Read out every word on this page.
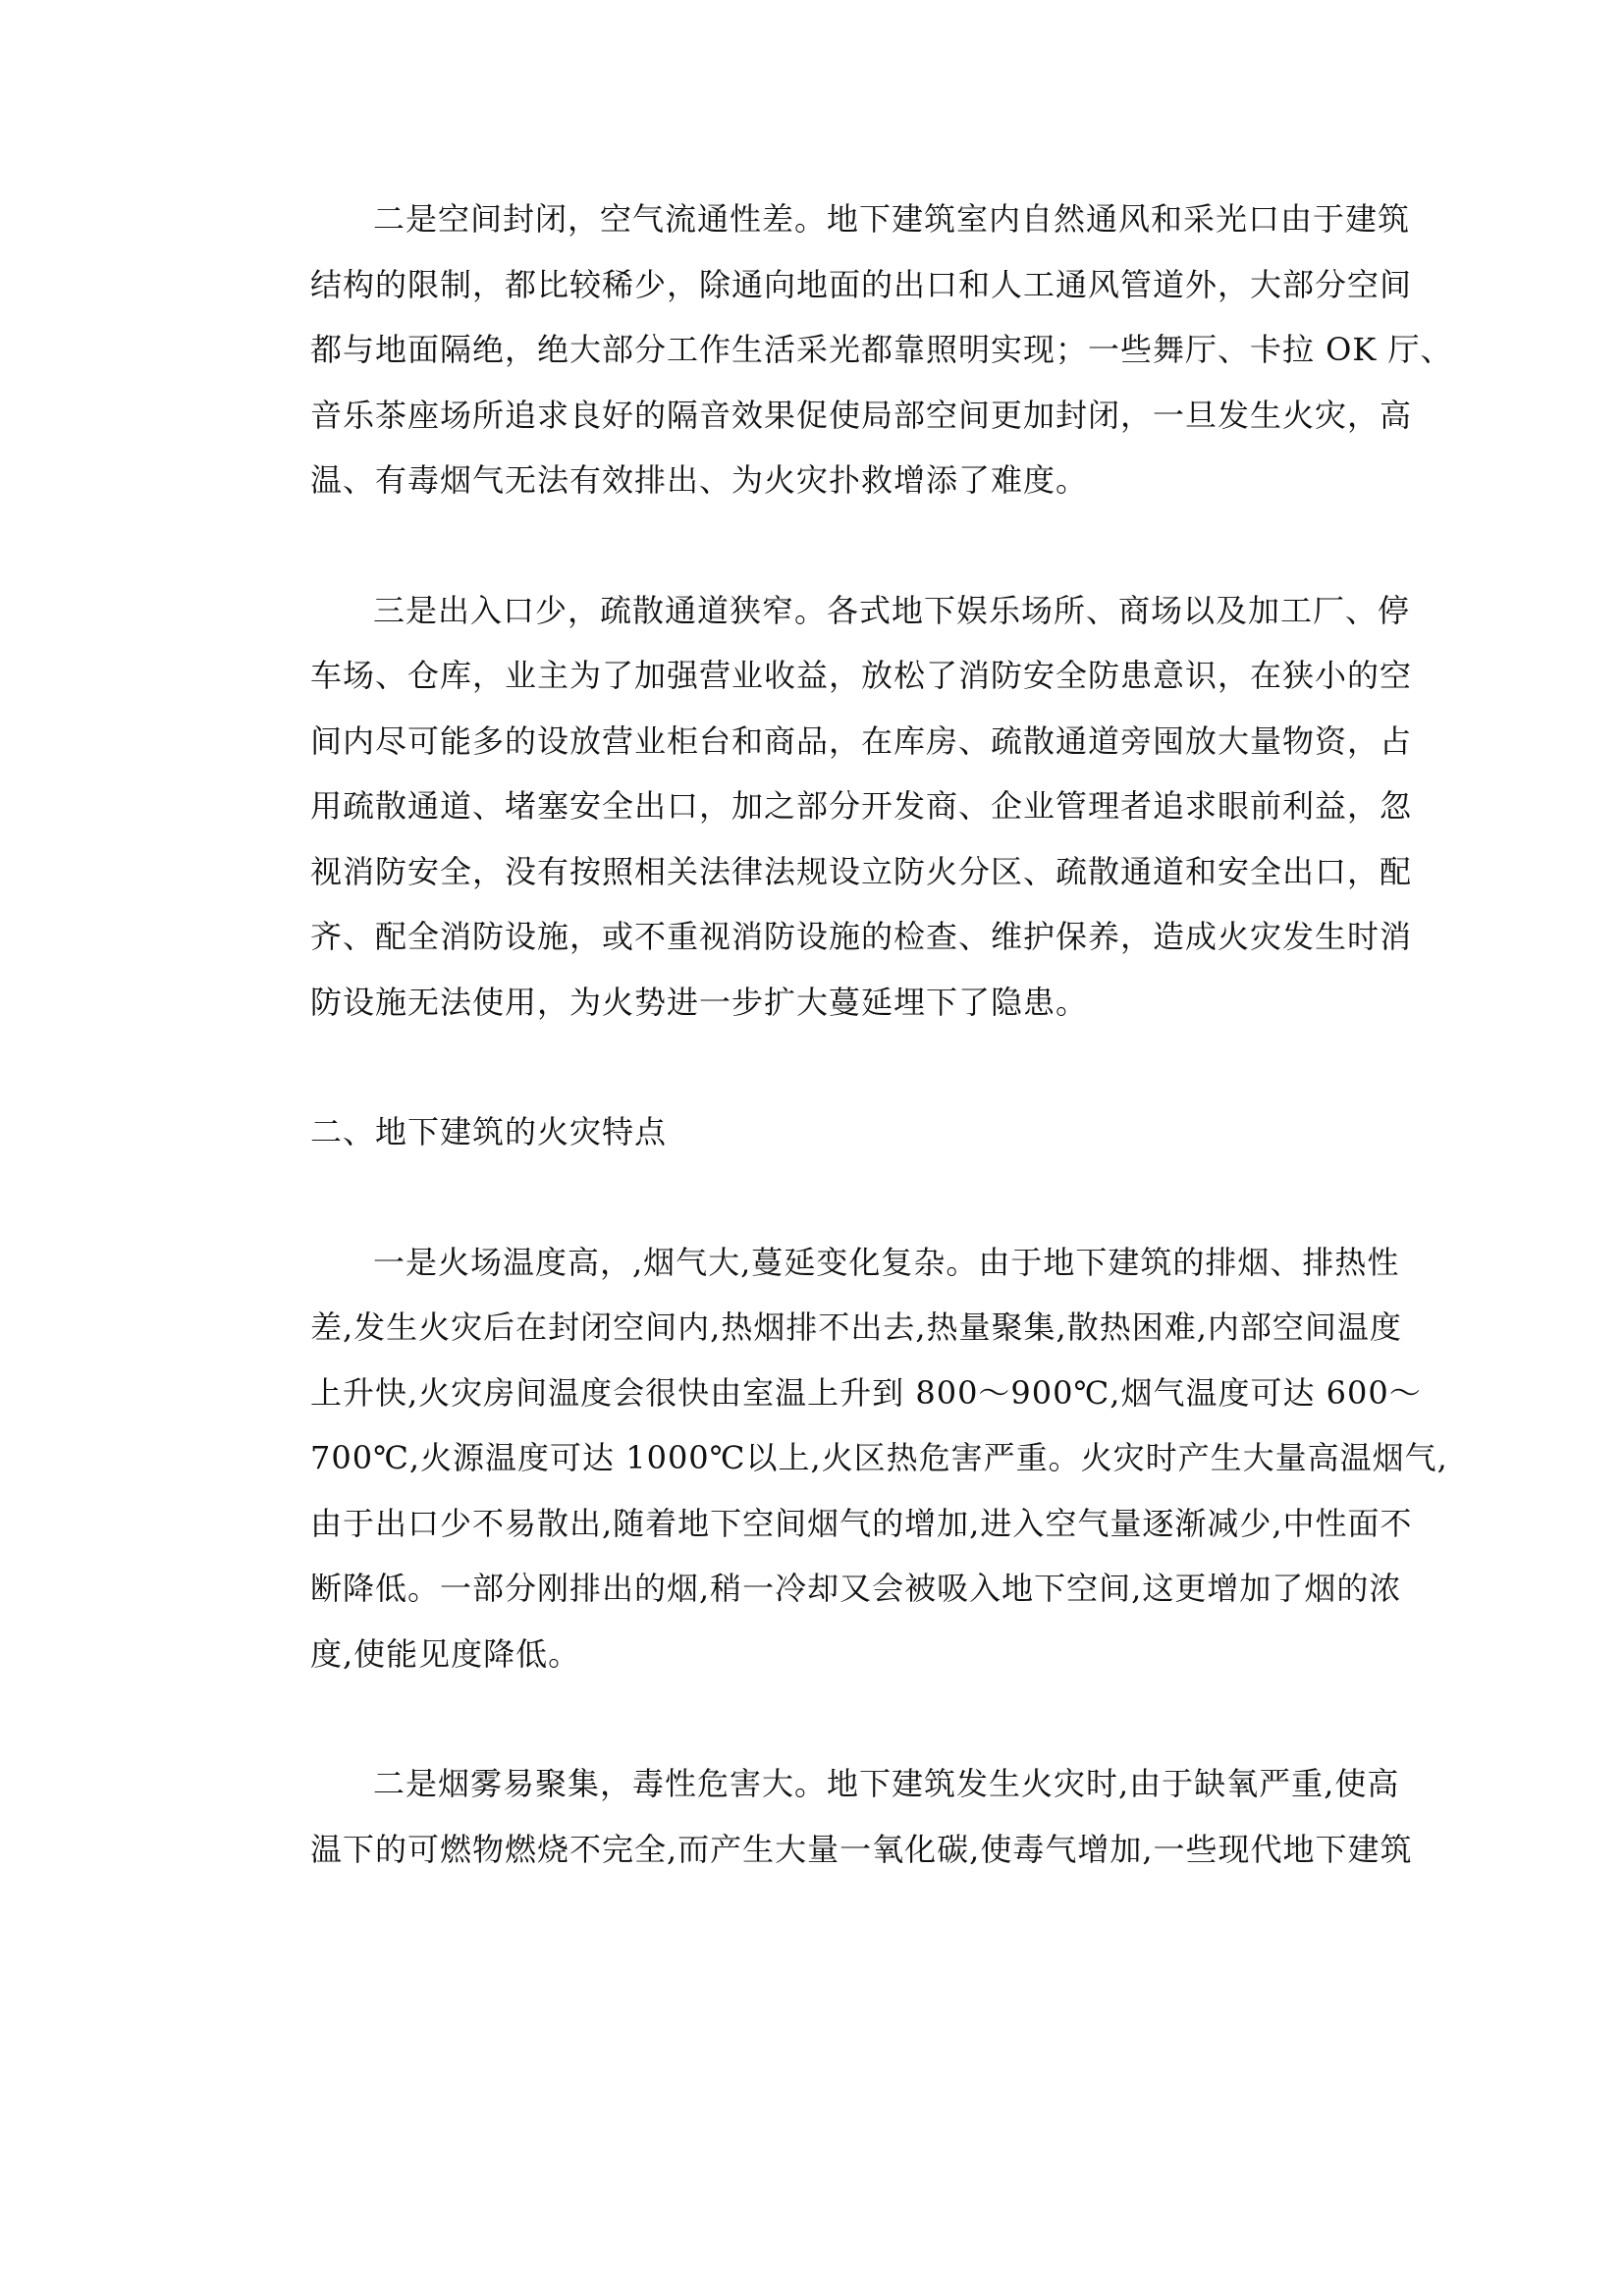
二是空间封闭，空气流通性差。地下建筑室内自然通风和采光口由于建筑
结构的限制，都比较稀少，除通向地面的出口和人工通风管道外，大部分空间
都与地面隔绝，绝大部分工作生活采光都靠照明实现；一些舞厅、卡拉 OK 厅、
音乐茶座场所追求良好的隔音效果促使局部空间更加封闭，一旦发生火灾，高
温、有毒烟气无法有效排出、为火灾扑救增添了难度。

三是出入口少，疏散通道狭窄。各式地下娱乐场所、商场以及加工厂、停
车场、仓库，业主为了加强营业收益，放松了消防安全防患意识，在狭小的空
间内尽可能多的设放营业柜台和商品，在库房、疏散通道旁囤放大量物资，占
用疏散通道、堵塞安全出口，加之部分开发商、企业管理者追求眼前利益，忽
视消防安全，没有按照相关法律法规设立防火分区、疏散通道和安全出口，配
齐、配全消防设施，或不重视消防设施的检查、维护保养，造成火灾发生时消
防设施无法使用，为火势进一步扩大蔓延埋下了隐患。

二、地下建筑的火灾特点

一是火场温度高，,烟气大,蔓延变化复杂。由于地下建筑的排烟、排热性
差,发生火灾后在封闭空间内,热烟排不出去,热量聚集,散热困难,内部空间温度
上升快,火灾房间温度会很快由室温上升到 800～900℃,烟气温度可达 600～
700℃,火源温度可达 1000℃以上,火区热危害严重。火灾时产生大量高温烟气,
由于出口少不易散出,随着地下空间烟气的增加,进入空气量逐渐减少,中性面不
断降低。一部分刚排出的烟,稍一冷却又会被吸入地下空间,这更增加了烟的浓
度,使能见度降低。

二是烟雾易聚集，毒性危害大。地下建筑发生火灾时,由于缺氧严重,使高
温下的可燃物燃烧不完全,而产生大量一氧化碳,使毒气增加,一些现代地下建筑
